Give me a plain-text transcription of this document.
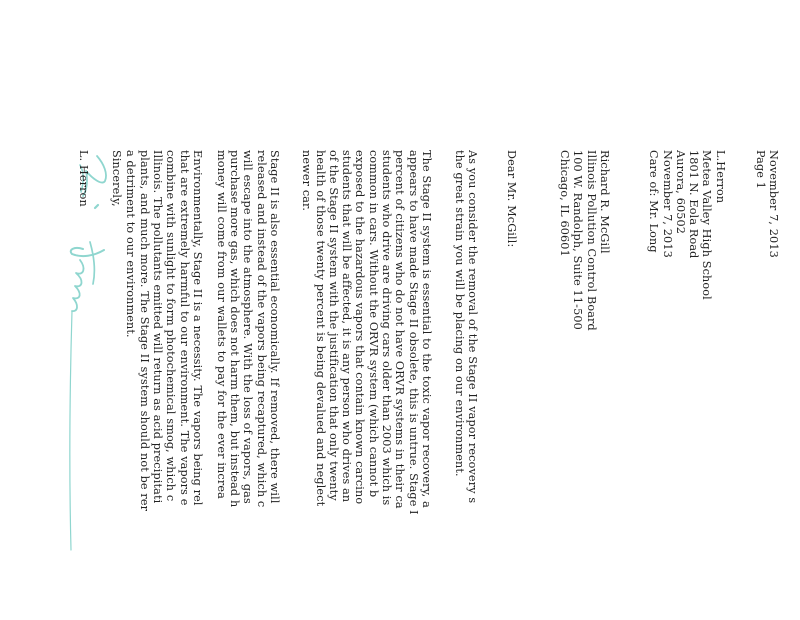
November 7, 2013
Page 1
L.Herron
Metea Valley High School
1801 N. Eola Road
Aurora, 60502
November 7, 2013
Care of: Mr. Long
Richard R. McGill
Illinois Pollution Control Board
100 W. Randolph, Suite 11-500
Chicago, IL 60601
Dear Mr. McGill:
As you consider the removal of the Stage II vapor recovery s
the great strain you will be placing on our environment.
The Stage II system is essential to the toxic vapor recovery, a
appears to have made Stage II obsolete, this is untrue. Stage I
percent of citizens who do not have ORVR systems in their ca
students who drive are driving cars older than 2003 which is
common in cars. Without the ORVR system (which cannot b
exposed to the hazardous vapors that contain known carcino
students that will be affected, it is any person who drives an
of the Stage II system with the justification that only twenty
health of those twenty percent is being devalued and neglect
newer car.
Stage II is also essential economically. If removed, there will
released and instead of the vapors being recaptured, which c
will escape into the atmosphere. With the loss of vapors, gas
purchase more gas, which does not harm them, but instead h
money will come from our wallets to pay for the ever increa
Environmentally, Stage II is a necessity. The vapors being rel
that are extremely harmful to our environment. The vapors e
combine with sunlight to form photochemical smog, which c
Illinois. The pollutants emitted will return as acid precipitati
plants, and much more. The Stage II system should not be rer
a detriment to our environment.
Sincerely,
L. Herron
